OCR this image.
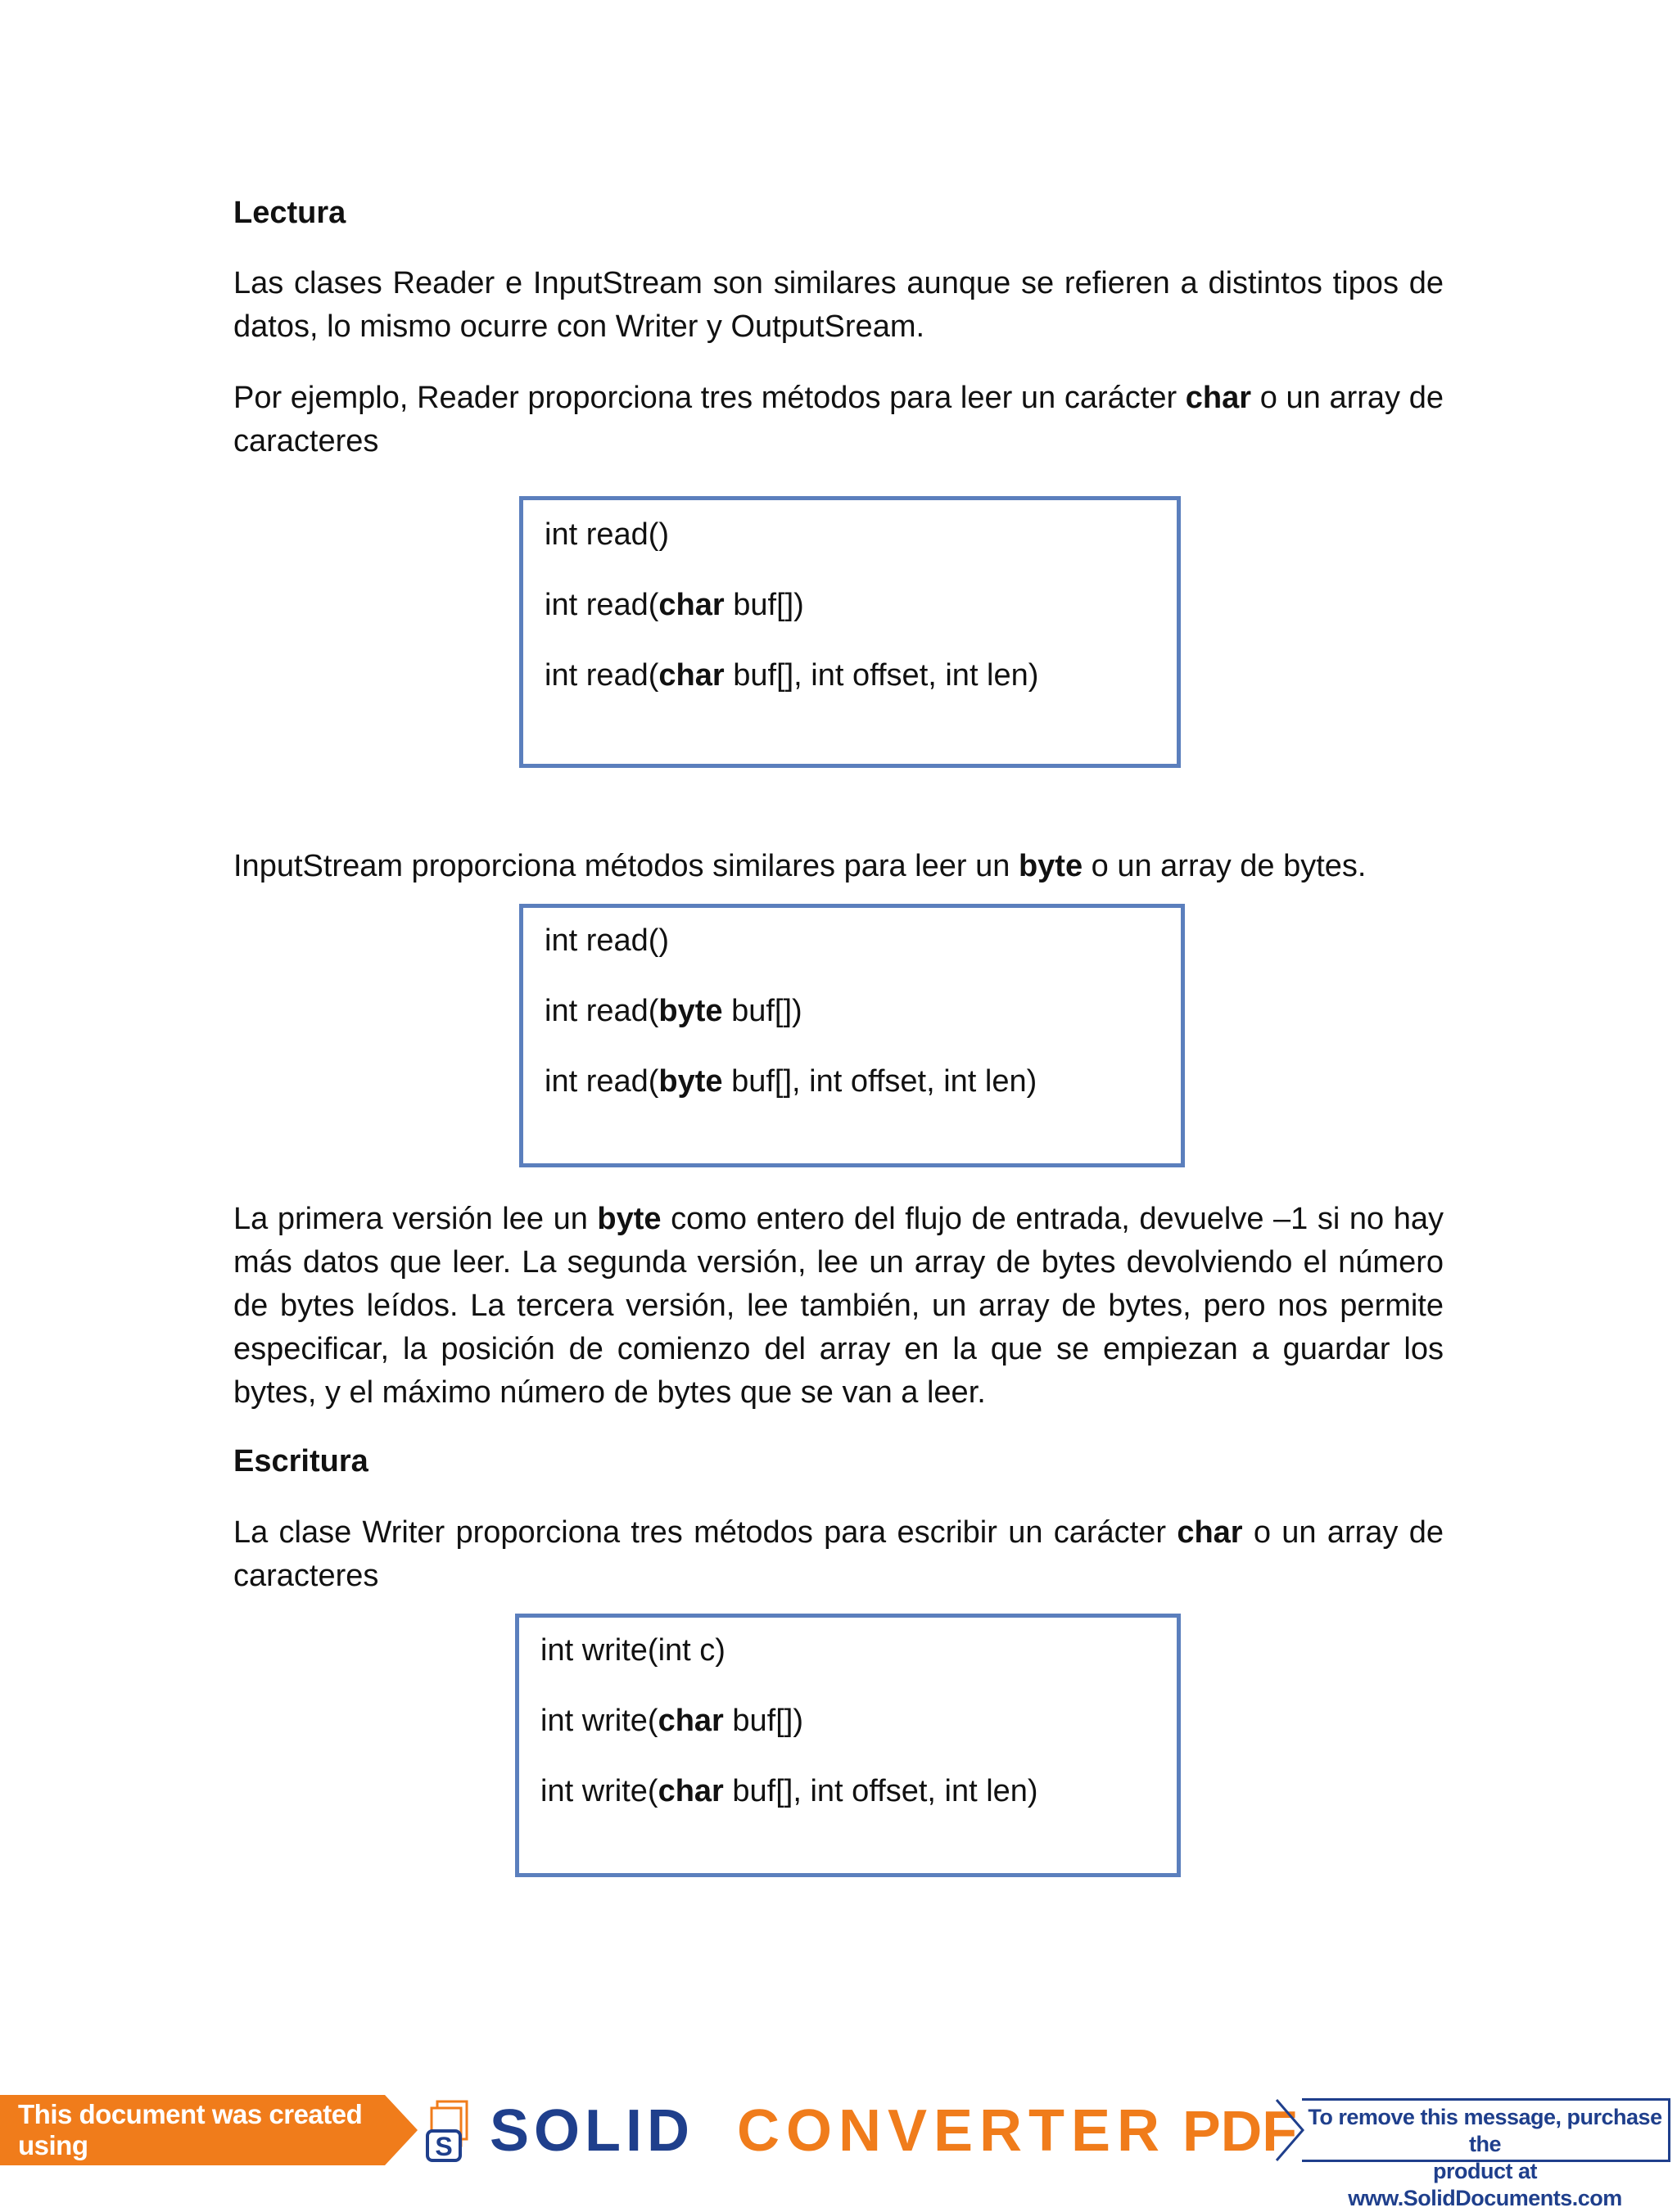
Lectura

Las clases Reader e InputStream son similares aunque se refieren a distintos tipos de datos, lo mismo ocurre con Writer y OutputSream.

Por ejemplo, Reader proporciona tres métodos para leer un carácter char o un array de caracteres

int read()
int read(char buf[])
int read(char buf[], int offset, int len)

InputStream proporciona métodos similares para leer un byte o un array de bytes.

int read()
int read(byte buf[])
int read(byte buf[], int offset, int len)

La primera versión lee un byte como entero del flujo de entrada, devuelve –1 si no hay más datos que leer. La segunda versión, lee un array de bytes devolviendo el número de bytes leídos. La tercera versión, lee también, un array de bytes, pero nos permite especificar, la posición de comienzo del array en la que se empiezan a guardar los bytes, y el máximo número de bytes que se van a leer.

Escritura

La clase Writer proporciona tres métodos para escribir un carácter char o un array de caracteres

int write(int c)
int write(char buf[])
int write(char buf[], int offset, int len)
This document was created using	S SOLID CONVERTER PDF To remove this message, purchase the
product at www.SolidDocuments.com
